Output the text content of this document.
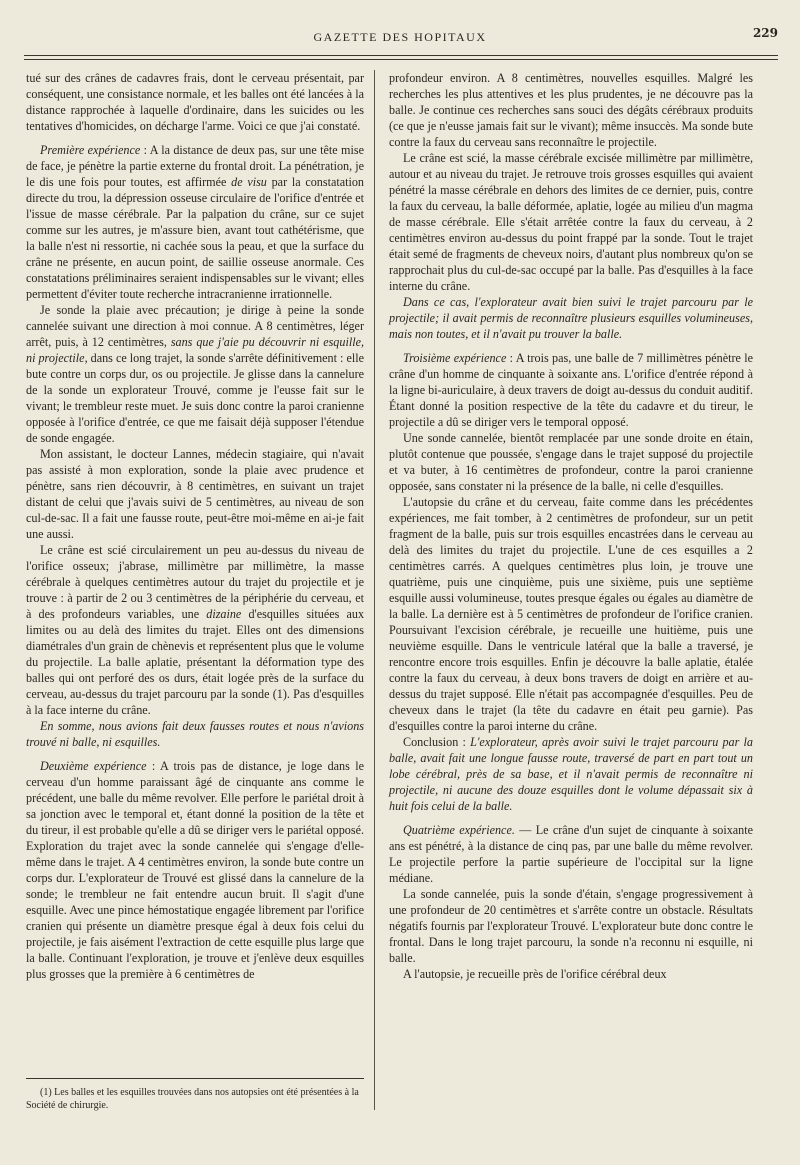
GAZETTE DES HOPITAUX	229

tué sur des crânes de cadavres frais, dont le cerveau présentait, par conséquent, une consistance normale, et les balles ont été lancées à la distance rapprochée à laquelle d'ordinaire, dans les suicides ou les tentatives d'homicides, on décharge l'arme. Voici ce que j'ai constaté.

Première expérience : A la distance de deux pas, sur une tête mise de face, je pénètre la partie externe du frontal droit. La pénétration, je le dis une fois pour toutes, est affirmée de visu par la constatation directe du trou, la dépression osseuse circulaire de l'orifice d'entrée et l'issue de masse cérébrale. Par la palpation du crâne, sur ce sujet comme sur les autres, je m'assure bien, avant tout cathétérisme, que la balle n'est ni ressortie, ni cachée sous la peau, et que la surface du crâne ne présente, en aucun point, de saillie osseuse anormale. Ces constatations préliminaires seraient indispensables sur le vivant; elles permettent d'éviter toute recherche intracranienne irrationnelle.

Je sonde la plaie avec précaution; je dirige à peine la sonde cannelée suivant une direction à moi connue. A 8 centimètres, léger arrêt, puis, à 12 centimètres, sans que j'aie pu découvrir ni esquille, ni projectile, dans ce long trajet, la sonde s'arrête définitivement : elle bute contre un corps dur, os ou projectile. Je glisse dans la cannelure de la sonde un explorateur Trouvé, comme je l'eusse fait sur le vivant; le trembleur reste muet. Je suis donc contre la paroi cranienne opposée à l'orifice d'entrée, ce que me faisait déjà supposer l'étendue de sonde engagée.

Mon assistant, le docteur Lannes, médecin stagiaire, qui n'avait pas assisté à mon exploration, sonde la plaie avec prudence et pénètre, sans rien découvrir, à 8 centimètres, en suivant un trajet distant de celui que j'avais suivi de 5 centimètres, au niveau de son cul-de-sac. Il a fait une fausse route, peut-être moi-même en ai-je fait une aussi.

Le crâne est scié circulairement un peu au-dessus du niveau de l'orifice osseux; j'abrase, millimètre par millimètre, la masse cérébrale à quelques centimètres autour du trajet du projectile et je trouve : à partir de 2 ou 3 centimètres de la périphérie du cerveau, et à des profondeurs variables, une dizaine d'esquilles situées aux limites ou au delà des limites du trajet. Elles ont des dimensions diamétrales d'un grain de chènevis et représentent plus que le volume du projectile. La balle aplatie, présentant la déformation type des balles qui ont perforé des os durs, était logée près de la surface du cerveau, au-dessus du trajet parcouru par la sonde (1). Pas d'esquilles à la face interne du crâne.

En somme, nous avions fait deux fausses routes et nous n'avions trouvé ni balle, ni esquilles.

Deuxième expérience : A trois pas de distance, je loge dans le cerveau d'un homme paraissant âgé de cinquante ans comme le précédent, une balle du même revolver. Elle perfore le pariétal droit à sa jonction avec le temporal et, étant donné la position de la tête et du tireur, il est probable qu'elle a dû se diriger vers le pariétal opposé. Exploration du trajet avec la sonde cannelée qui s'engage d'elle-même dans le trajet. A 4 centimètres environ, la sonde bute contre un corps dur. L'explorateur de Trouvé est glissé dans la cannelure de la sonde; le trembleur ne fait entendre aucun bruit. Il s'agit d'une esquille. Avec une pince hémostatique engagée librement par l'orifice cranien qui présente un diamètre presque égal à deux fois celui du projectile, je fais aisément l'extraction de cette esquille plus large que la balle. Continuant l'exploration, je trouve et j'enlève deux esquilles plus grosses que la première à 6 centimètres de

profondeur environ. A 8 centimètres, nouvelles esquilles. Malgré les recherches les plus attentives et les plus prudentes, je ne découvre pas la balle. Je continue ces recherches sans souci des dégâts cérébraux produits (ce que je n'eusse jamais fait sur le vivant); même insuccès. Ma sonde bute contre la faux du cerveau sans reconnaître le projectile.

Le crâne est scié, la masse cérébrale excisée millimètre par millimètre, autour et au niveau du trajet. Je retrouve trois grosses esquilles qui avaient pénétré la masse cérébrale en dehors des limites de ce dernier, puis, contre la faux du cerveau, la balle déformée, aplatie, logée au milieu d'un magma de masse cérébrale. Elle s'était arrêtée contre la faux du cerveau, à 2 centimètres environ au-dessus du point frappé par la sonde. Tout le trajet était semé de fragments de cheveux noirs, d'autant plus nombreux qu'on se rapprochait plus du cul-de-sac occupé par la balle. Pas d'esquilles à la face interne du crâne.

Dans ce cas, l'explorateur avait bien suivi le trajet parcouru par le projectile; il avait permis de reconnaître plusieurs esquilles volumineuses, mais non toutes, et il n'avait pu trouver la balle.

Troisième expérience : A trois pas, une balle de 7 millimètres pénètre le crâne d'un homme de cinquante à soixante ans. L'orifice d'entrée répond à la ligne bi-auriculaire, à deux travers de doigt au-dessus du conduit auditif. Étant donné la position respective de la tête du cadavre et du tireur, le projectile a dû se diriger vers le temporal opposé.

Une sonde cannelée, bientôt remplacée par une sonde droite en étain, plutôt contenue que poussée, s'engage dans le trajet supposé du projectile et va buter, à 16 centimètres de profondeur, contre la paroi cranienne opposée, sans constater ni la présence de la balle, ni celle d'esquilles.

L'autopsie du crâne et du cerveau, faite comme dans les précédentes expériences, me fait tomber, à 2 centimètres de profondeur, sur un petit fragment de la balle, puis sur trois esquilles encastrées dans le cerveau au delà des limites du trajet du projectile. L'une de ces esquilles a 2 centimètres carrés. A quelques centimètres plus loin, je trouve une quatrième, puis une cinquième, puis une sixième, puis une septième esquille aussi volumineuse, toutes presque égales ou égales au diamètre de la balle. La dernière est à 5 centimètres de profondeur de l'orifice cranien. Poursuivant l'excision cérébrale, je recueille une huitième, puis une neuvième esquille. Dans le ventricule latéral que la balle a traversé, je rencontre encore trois esquilles. Enfin je découvre la balle aplatie, étalée contre la faux du cerveau, à deux bons travers de doigt en arrière et au-dessus du trajet supposé. Elle n'était pas accompagnée d'esquilles. Peu de cheveux dans le trajet (la tête du cadavre en était peu garnie). Pas d'esquilles contre la paroi interne du crâne.

Conclusion : L'explorateur, après avoir suivi le trajet parcouru par la balle, avait fait une longue fausse route, traversé de part en part tout un lobe cérébral, près de sa base, et il n'avait permis de reconnaître ni projectile, ni aucune des douze esquilles dont le volume dépassait six à huit fois celui de la balle.

Quatrième expérience. — Le crâne d'un sujet de cinquante à soixante ans est pénétré, à la distance de cinq pas, par une balle du même revolver. Le projectile perfore la partie supérieure de l'occipital sur la ligne médiane.

La sonde cannelée, puis la sonde d'étain, s'engage progressivement à une profondeur de 20 centimètres et s'arrête contre un obstacle. Résultats négatifs fournis par l'explorateur Trouvé. L'explorateur bute donc contre le frontal. Dans le long trajet parcouru, la sonde n'a reconnu ni esquille, ni balle.

A l'autopsie, je recueille près de l'orifice cérébral deux

(1) Les balles et les esquilles trouvées dans nos autopsies ont été présentées à la Société de chirurgie.
